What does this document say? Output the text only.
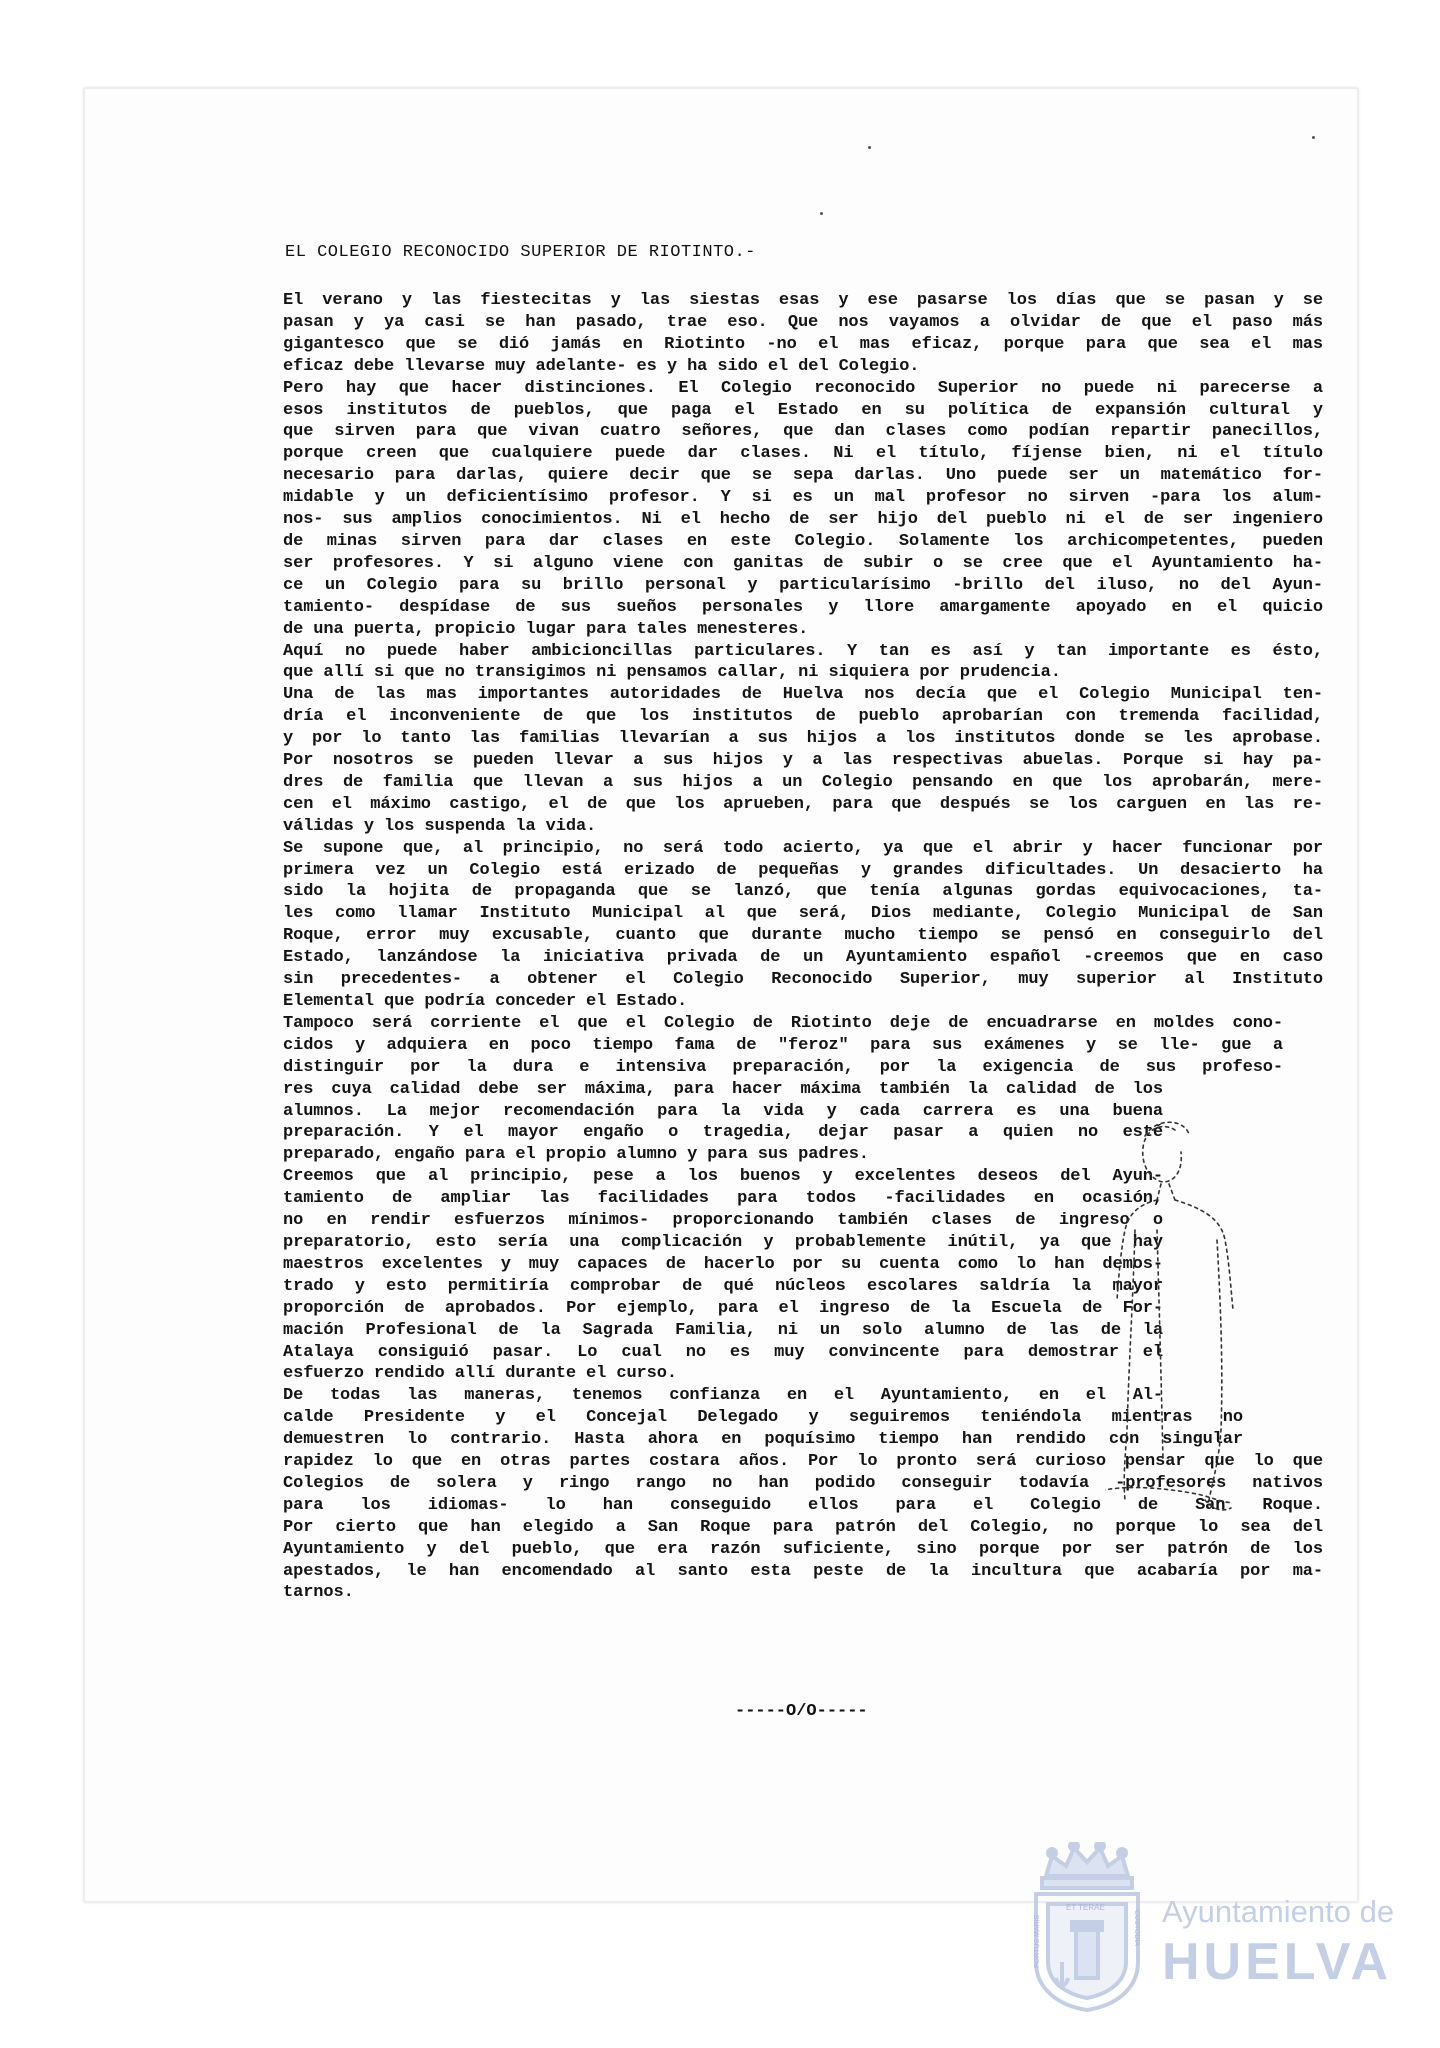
EL COLEGIO RECONOCIDO SUPERIOR DE RIOTINTO.-
El verano y las fiestecitas y las siestas esas y ese pasarse los días que se pasan y se
pasan y ya casi se han pasado, trae eso. Que nos vayamos a olvidar de que el paso más
gigantesco que se dió jamás en Riotinto -no el mas eficaz, porque para que sea el mas
eficaz debe llevarse muy adelante- es y ha sido el del Colegio.
Pero hay que hacer distinciones. El Colegio reconocido Superior no puede ni parecerse a
esos institutos de pueblos, que paga el Estado en su política de expansión cultural y
que sirven para que vivan cuatro señores, que dan clases como podían repartir panecillos,
porque creen que cualquiere puede dar clases. Ni el título, fíjense bien, ni el título
necesario para darlas, quiere decir que se sepa darlas. Uno puede ser un matemático for-
midable y un deficientísimo profesor. Y si es un mal profesor no sirven -para los alum-
nos- sus amplios conocimientos. Ni el hecho de ser hijo del pueblo ni el de ser ingeniero
de minas sirven para dar clases en este Colegio. Solamente los archicompetentes, pueden
ser profesores. Y si alguno viene con ganitas de subir o se cree que el Ayuntamiento ha-
ce un Colegio para su brillo personal y particularísimo -brillo del iluso, no del Ayun-
tamiento- despídase de sus sueños personales y llore amargamente apoyado en el quicio
de una puerta, propicio lugar para tales menesteres.
Aquí no puede haber ambicioncillas particulares. Y tan es así y tan importante es ésto,
que allí si que no transigimos ni pensamos callar, ni siquiera por prudencia.
Una de las mas importantes autoridades de Huelva nos decía que el Colegio Municipal ten-
dría el inconveniente de que los institutos de pueblo aprobarían con tremenda facilidad,
y por lo tanto las familias llevarían a sus hijos a los institutos donde se les aprobase.
Por nosotros se pueden llevar a sus hijos y a las respectivas abuelas. Porque si hay pa-
dres de familia que llevan a sus hijos a un Colegio pensando en que los aprobarán, mere-
cen el máximo castigo, el de que los aprueben, para que después se los carguen en las re-
válidas y los suspenda la vida.
Se supone que, al principio, no será todo acierto, ya que el abrir y hacer funcionar por
primera vez un Colegio está erizado de pequeñas y grandes dificultades. Un desacierto ha
sido la hojita de propaganda que se lanzó, que tenía algunas gordas equivocaciones, ta-
les como llamar Instituto Municipal al que será, Dios mediante, Colegio Municipal de San
Roque, error muy excusable, cuanto que durante mucho tiempo se pensó en conseguirlo del
Estado, lanzándose la iniciativa privada de un Ayuntamiento español -creemos que en caso
sin precedentes- a obtener el Colegio Reconocido Superior, muy superior al Instituto
Elemental que podría conceder el Estado.
Tampoco será corriente el que el Colegio de Riotinto deje de encuadrarse en moldes cono-
cidos y adquiera en poco tiempo fama de "feroz" para sus exámenes y se lle- gue a
distinguir por la dura e intensiva preparación, por la exigencia de sus profeso-
res cuya calidad debe ser máxima, para hacer máxima también la calidad de los
alumnos. La mejor recomendación para la vida y cada carrera es una buena
preparación. Y el mayor engaño o tragedia, dejar pasar a quien no esté
preparado, engaño para el propio alumno y para sus padres.
Creemos que al principio, pese a los buenos y excelentes deseos del Ayun-
tamiento de ampliar las facilidades para todos -facilidades en ocasión,
no en rendir esfuerzos mínimos- proporcionando también clases de ingreso o
preparatorio, esto sería una complicación y probablemente inútil, ya que hay
maestros excelentes y muy capaces de hacerlo por su cuenta como lo han demos-
trado y esto permitiría comprobar de qué núcleos escolares saldría la mayor
proporción de aprobados. Por ejemplo, para el ingreso de la Escuela de For-
mación Profesional de la Sagrada Familia, ni un solo alumno de las de la
Atalaya consiguió pasar. Lo cual no es muy convincente para demostrar el
esfuerzo rendido allí durante el curso.
De todas las maneras, tenemos confianza en el Ayuntamiento, en el Al-
calde Presidente y el Concejal Delegado y seguiremos teniéndola mientras no
demuestren lo contrario. Hasta ahora en poquísimo tiempo han rendido con singular
rapidez lo que en otras partes costara años. Por lo pronto será curioso pensar que lo que
Colegios de solera y ringo rango no han podido conseguir todavía -profesores nativos
para los idiomas- lo han conseguido ellos para el Colegio de San Roque.
Por cierto que han elegido a San Roque para patrón del Colegio, no porque lo sea del
Ayuntamiento y del pueblo, que era razón suficiente, sino porque por ser patrón de los
apestados, le han encomendado al santo esta peste de la incultura que acabaría por ma-
tarnos.
-----O/O-----
Ayuntamiento de
HUELVA
ET TERAE
PORTUS MARIS	CUSTODIA
